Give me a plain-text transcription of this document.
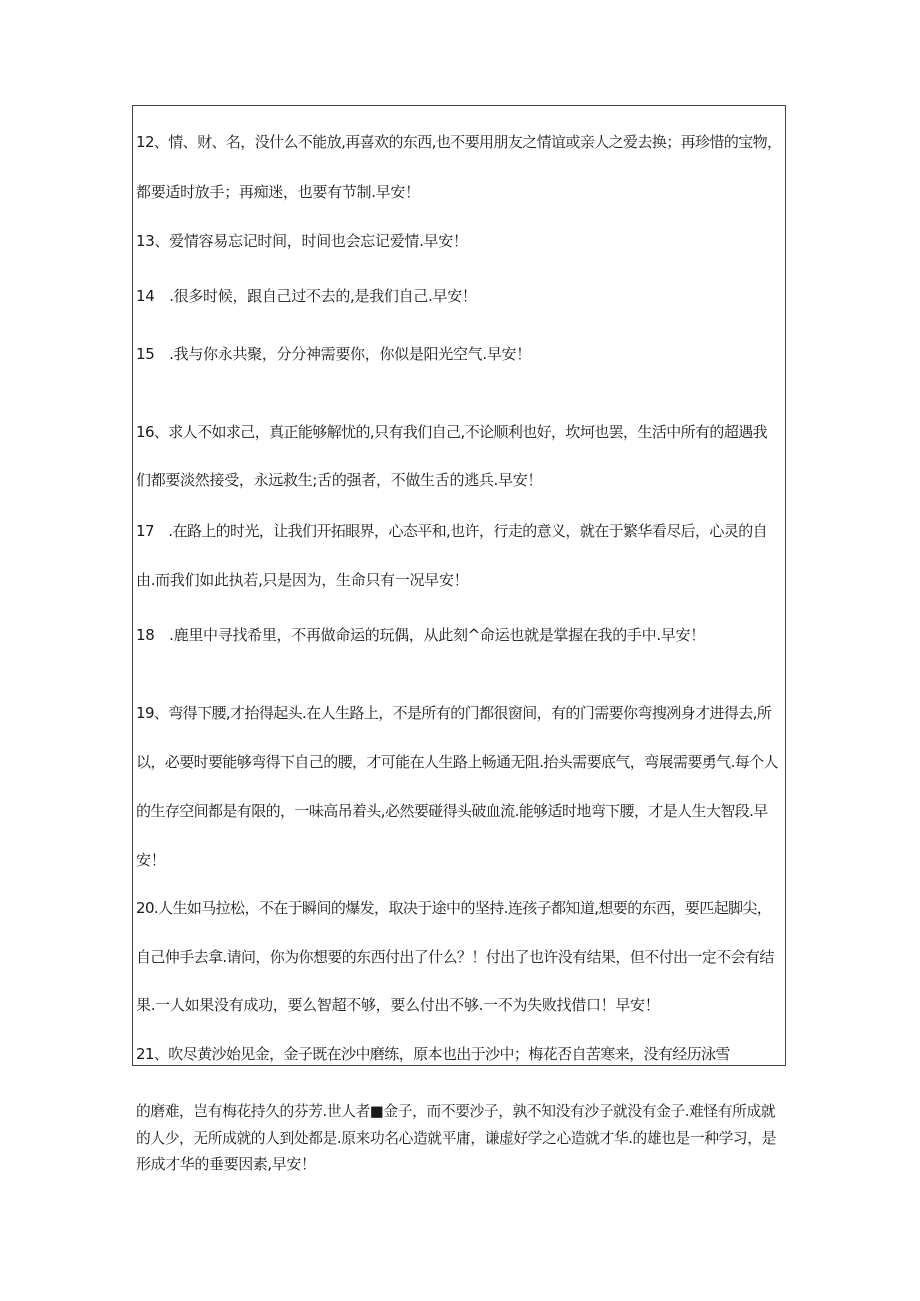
12、情、财、名，没什么不能放,再喜欢的东西,也不要用朋友之情谊或亲人之爱去换；再珍惜的宝物，
都要适时放手；再痴迷，也要有节制.早安！
13、爱情容易忘记时间，时间也会忘记爱情.早安！
14　.很多时候，跟自己过不去的,是我们自己.早安！
15　.我与你永共聚，分分神需要你，你似是阳光空气.早安！
16、求人不如求己，真正能够解忧的,只有我们自己,不论顺利也好，坎坷也罢，生活中所有的超遇我
们都要淡然接受，永远救生;舌的强者，不做生舌的逃兵.早安！
17　.在路上的时光，让我们开拓眼界，心态平和,也许，行走的意义，就在于繁华看尽后，心灵的自
由.而我们如此执若,只是因为，生命只有一况早安！
18　.鹿里中寻找希里，不再做命运的玩偶，从此刻^命运也就是掌握在我的手中.早安！
19、弯得下腰,才抬得起头.在人生路上，不是所有的门都很窗间，有的门需要你弯搜冽身才进得去,所
以，必要时要能够弯得下自己的腰，才可能在人生路上畅通无阻.抬头需要底气，弯展需要勇气.每个人
的生存空间都是有限的，一味高吊着头,必然要碰得头破血流.能够适时地弯下腰，才是人生大智段.早
安！
20.人生如马拉松，不在于瞬间的爆发，取决于途中的坚持.连孩子都知道,想要的东西，要匹起脚尖，
自己伸手去拿.请问，你为你想要的东西付出了什么？！付出了也许没有结果，但不付出一定不会有结
果.一人如果没有成功，要么智超不够，要么付出不够.一不为失败找借口！早安！
21、吹尽黄沙始见金，金子既在沙中磨练，原本也出于沙中；梅花否自苦寒来，没有经历泳雪
的磨难，岂有梅花持久的芬芳.世人者■金子，而不要沙子，孰不知没有沙子就没有金子.难怪有所成就
的人少，无所成就的人到处都是.原来功名心造就平庸，谦虚好学之心造就才华.的雄也是一种学习，是
形成才华的垂要因素,早安！
